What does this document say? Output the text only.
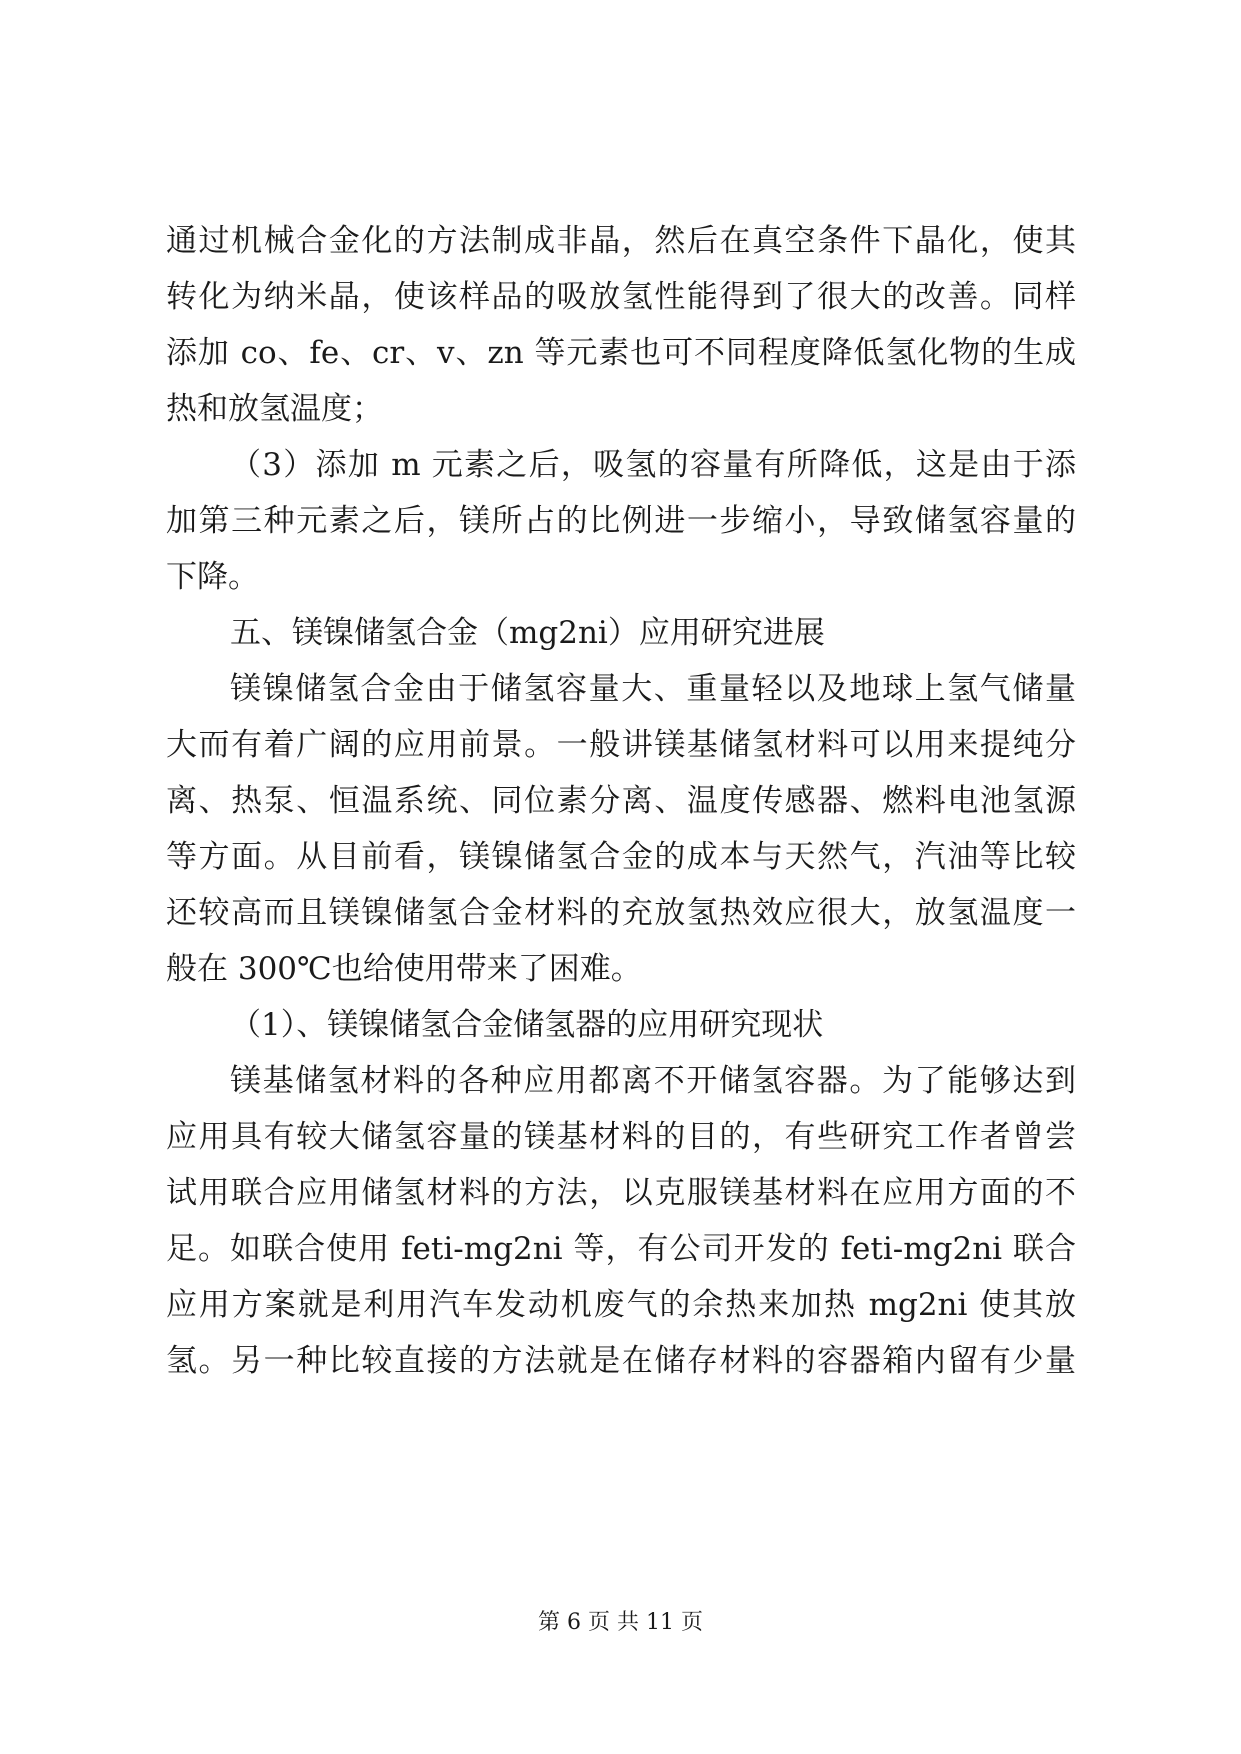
通过机械合金化的方法制成非晶，然后在真空条件下晶化，使其
转化为纳米晶，使该样品的吸放氢性能得到了很大的改善。同样
添加 co、fe、cr、v、zn 等元素也可不同程度降低氢化物的生成
热和放氢温度；
（3）添加 m 元素之后，吸氢的容量有所降低，这是由于添
加第三种元素之后，镁所占的比例进一步缩小，导致储氢容量的
下降。
五、镁镍储氢合金（mg2ni）应用研究进展
镁镍储氢合金由于储氢容量大、重量轻以及地球上氢气储量
大而有着广阔的应用前景。一般讲镁基储氢材料可以用来提纯分
离、热泵、恒温系统、同位素分离、温度传感器、燃料电池氢源
等方面。从目前看，镁镍储氢合金的成本与天然气，汽油等比较
还较高而且镁镍储氢合金材料的充放氢热效应很大，放氢温度一
般在 300℃也给使用带来了困难。
（1）、镁镍储氢合金储氢器的应用研究现状
镁基储氢材料的各种应用都离不开储氢容器。为了能够达到
应用具有较大储氢容量的镁基材料的目的，有些研究工作者曾尝
试用联合应用储氢材料的方法，以克服镁基材料在应用方面的不
足。如联合使用 feti-mg2ni 等，有公司开发的 feti-mg2ni 联合
应用方案就是利用汽车发动机废气的余热来加热 mg2ni 使其放
氢。另一种比较直接的方法就是在储存材料的容器箱内留有少量
第 6 页 共 11 页
